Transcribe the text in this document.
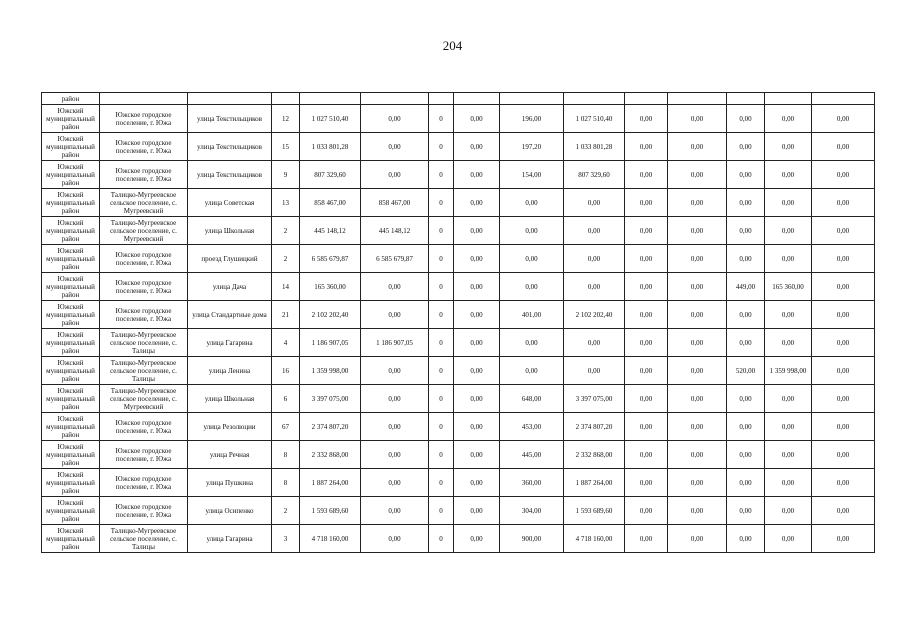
204
район														
Южский муниципальный район	Южское городское поселение, г. Южа	улица Текстильщиков	12	1 027 510,40	0,00	0	0,00	196,00	1 027 510,40	0,00	0,00	0,00	0,00	0,00
Южский муниципальный район	Южское городское поселение, г. Южа	улица Текстильщиков	15	1 033 801,28	0,00	0	0,00	197,20	1 033 801,28	0,00	0,00	0,00	0,00	0,00
Южский муниципальный район	Южское городское поселение, г. Южа	улица Текстильщиков	9	807 329,60	0,00	0	0,00	154,00	807 329,60	0,00	0,00	0,00	0,00	0,00
Южский муниципальный район	Талицко-Мугреевское сельское поселение, с. Мугреевский	улица Советская	13	858 467,00	858 467,00	0	0,00	0,00	0,00	0,00	0,00	0,00	0,00	0,00
Южский муниципальный район	Талицко-Мугреевское сельское поселение, с. Мугреевский	улица Школьная	2	445 148,12	445 148,12	0	0,00	0,00	0,00	0,00	0,00	0,00	0,00	0,00
Южский муниципальный район	Южское городское поселение, г. Южа	проезд Глушицкий	2	6 585 679,87	6 585 679,87	0	0,00	0,00	0,00	0,00	0,00	0,00	0,00	0,00
Южский муниципальный район	Южское городское поселение, г. Южа	улица Дача	14	165 360,00	0,00	0	0,00	0,00	0,00	0,00	0,00	449,00	165 360,00	0,00
Южский муниципальный район	Южское городское поселение, г. Южа	улица Стандартные дома	21	2 102 202,40	0,00	0	0,00	401,00	2 102 202,40	0,00	0,00	0,00	0,00	0,00
Южский муниципальный район	Талицко-Мугреевское сельское поселение, с. Талицы	улица Гагарина	4	1 186 907,05	1 186 907,05	0	0,00	0,00	0,00	0,00	0,00	0,00	0,00	0,00
Южский муниципальный район	Талицко-Мугреевское сельское поселение, с. Талицы	улица Ленина	16	1 359 998,00	0,00	0	0,00	0,00	0,00	0,00	0,00	520,00	1 359 998,00	0,00
Южский муниципальный район	Талицко-Мугреевское сельское поселение, с. Мугреевский	улица Школьная	6	3 397 075,00	0,00	0	0,00	648,00	3 397 075,00	0,00	0,00	0,00	0,00	0,00
Южский муниципальный район	Южское городское поселение, г. Южа	улица Резолюции	67	2 374 807,20	0,00	0	0,00	453,00	2 374 807,20	0,00	0,00	0,00	0,00	0,00
Южский муниципальный район	Южское городское поселение, г. Южа	улица Речная	8	2 332 868,00	0,00	0	0,00	445,00	2 332 868,00	0,00	0,00	0,00	0,00	0,00
Южский муниципальный район	Южское городское поселение, г. Южа	улица Пушкина	8	1 887 264,00	0,00	0	0,00	360,00	1 887 264,00	0,00	0,00	0,00	0,00	0,00
Южский муниципальный район	Южское городское поселение, г. Южа	улица Осипенко	2	1 593 689,60	0,00	0	0,00	304,00	1 593 689,60	0,00	0,00	0,00	0,00	0,00
Южский муниципальный район	Талицко-Мугреевское сельское поселение, с. Талицы	улица Гагарина	3	4 718 160,00	0,00	0	0,00	900,00	4 718 160,00	0,00	0,00	0,00	0,00	0,00
